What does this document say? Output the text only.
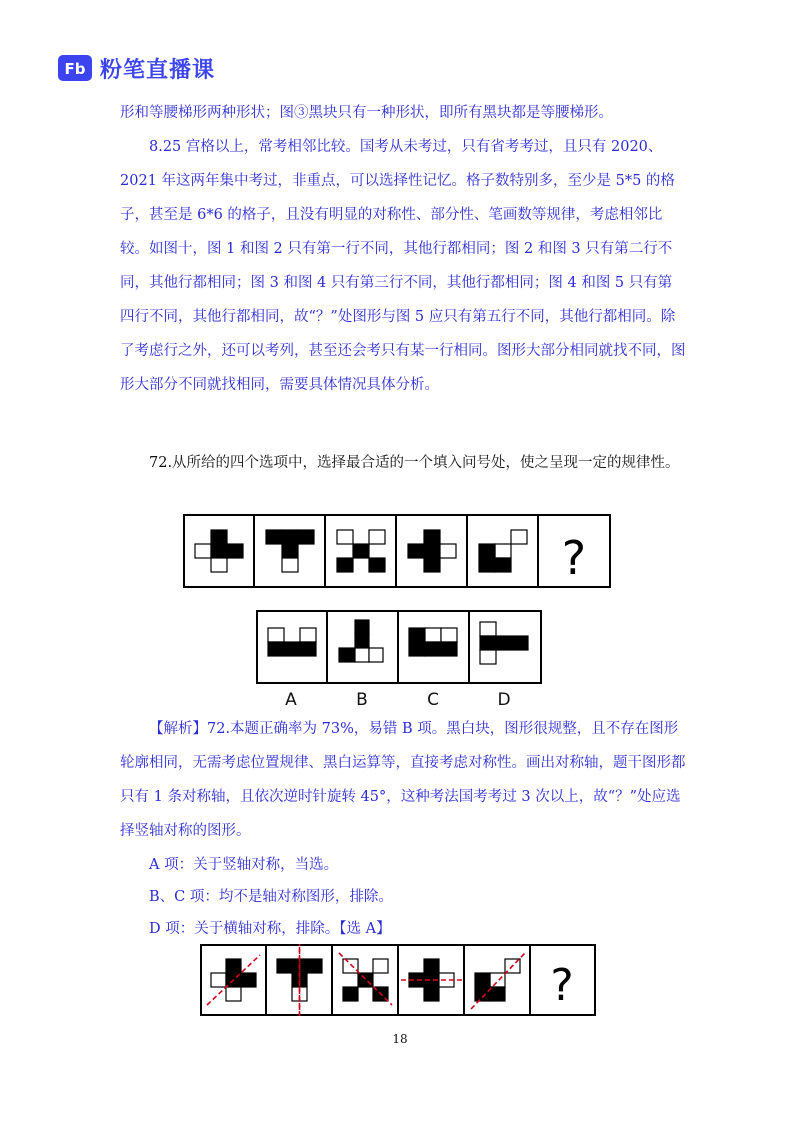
Fb 粉笔直播课
形和等腰梯形两种形状；图③黑块只有一种形状，即所有黑块都是等腰梯形。
8.25 宫格以上，常考相邻比较。国考从未考过，只有省考考过，且只有 2020、2021 年这两年集中考过，非重点，可以选择性记忆。格子数特别多，至少是 5*5 的格子，甚至是 6*6 的格子，且没有明显的对称性、部分性、笔画数等规律，考虑相邻比较。如图十，图 1 和图 2 只有第一行不同，其他行都相同；图 2 和图 3 只有第二行不同，其他行都相同；图 3 和图 4 只有第三行不同，其他行都相同；图 4 和图 5 只有第四行不同，其他行都相同，故“？”处图形与图 5 应只有第五行不同，其他行都相同。除了考虑行之外，还可以考列，甚至还会考只有某一行相同。图形大部分相同就找不同，图形大部分不同就找相同，需要具体情况具体分析。
72.从所给的四个选项中，选择最合适的一个填入问号处，使之呈现一定的规律性。
?
A	B	C	D
【解析】72.本题正确率为 73%，易错 B 项。黑白块，图形很规整，且不存在图形轮廓相同，无需考虑位置规律、黑白运算等，直接考虑对称性。画出对称轴，题干图形都只有 1 条对称轴，且依次逆时针旋转 45°，这种考法国考考过 3 次以上，故“？”处应选择竖轴对称的图形。
A 项：关于竖轴对称，当选。
B、C 项：均不是轴对称图形，排除。
D 项：关于横轴对称，排除。【选 A】
?
18
